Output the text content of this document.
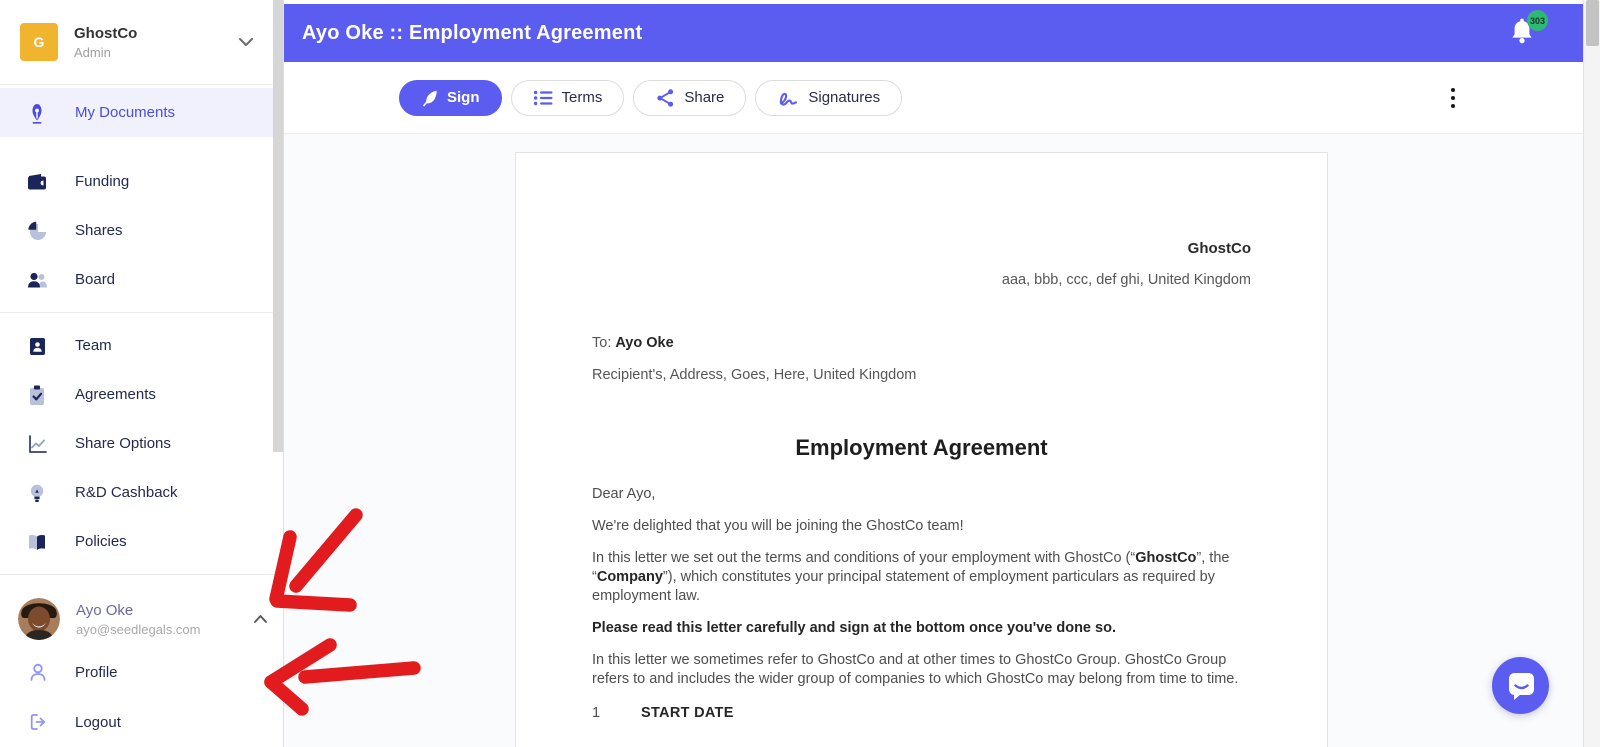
G
GhostCo
Admin
My Documents
Funding
Shares
Board
Team
Agreements
Share Options
R&D Cashback
Policies
Ayo Oke
ayo@seedlegals.com
Profile
Logout
Ayo Oke :: Employment Agreement
303
Sign	Terms	Share	Signatures
GhostCo
aaa, bbb, ccc, def ghi, United Kingdom
To: Ayo Oke
Recipient's, Address, Goes, Here, United Kingdom
Employment Agreement

Dear Ayo,

We're delighted that you will be joining the GhostCo team!

In this letter we set out the terms and conditions of your employment with GhostCo (“GhostCo”, the “Company”), which constitutes your principal statement of employment particulars as required by employment law.

Please read this letter carefully and sign at the bottom once you've done so.

In this letter we sometimes refer to GhostCo and at other times to GhostCo Group. GhostCo Group refers to and includes the wider group of companies to which GhostCo may belong from time to time.

1	START DATE
